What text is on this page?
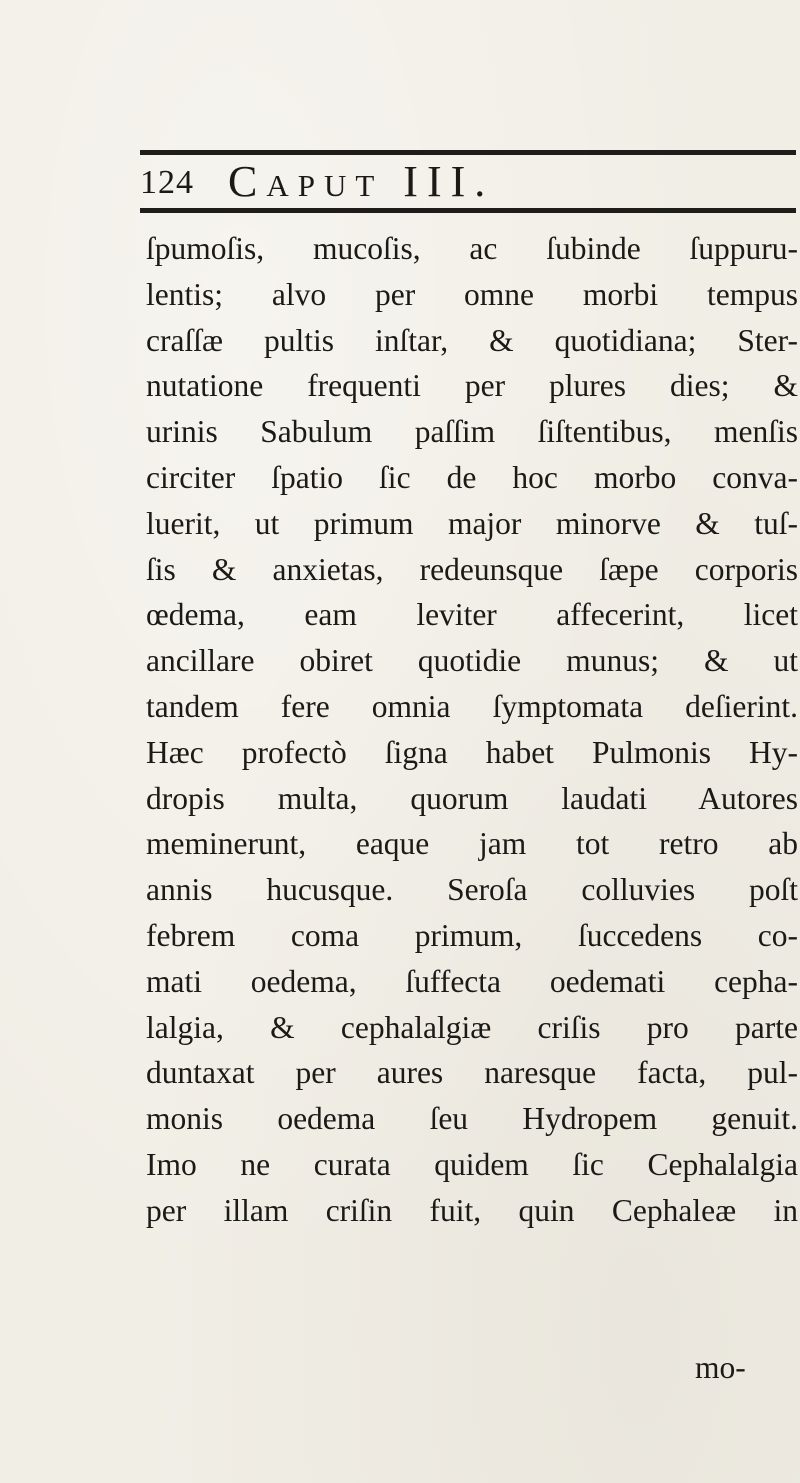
124 Caput III.
ſpumoſis, mucoſis, ac ſubinde ſuppuru-
lentis; alvo per omne morbi tempus
craſſæ pultis inſtar, & quotidiana; Ster-
nutatione frequenti per plures dies; &
urinis Sabulum paſſim ſiſtentibus, menſis
circiter ſpatio ſic de hoc morbo conva-
luerit, ut primum major minorve & tuſ-
ſis & anxietas, redeunsque ſæpe corporis
œdema, eam leviter affecerint, licet
ancillare obiret quotidie munus; & ut
tandem fere omnia ſymptomata deſierint.
Hæc profectò ſigna habet Pulmonis Hy-
dropis multa, quorum laudati Autores
meminerunt, eaque jam tot retro ab
annis hucusque. Seroſa colluvies poſt
febrem coma primum, ſuccedens co-
mati oedema, ſuffecta oedemati cepha-
lalgia, & cephalalgiæ criſis pro parte
duntaxat per aures naresque facta, pul-
monis oedema ſeu Hydropem genuit.
Imo ne curata quidem ſic Cephalalgia
per illam criſin fuit, quin Cephaleæ in
mo-
